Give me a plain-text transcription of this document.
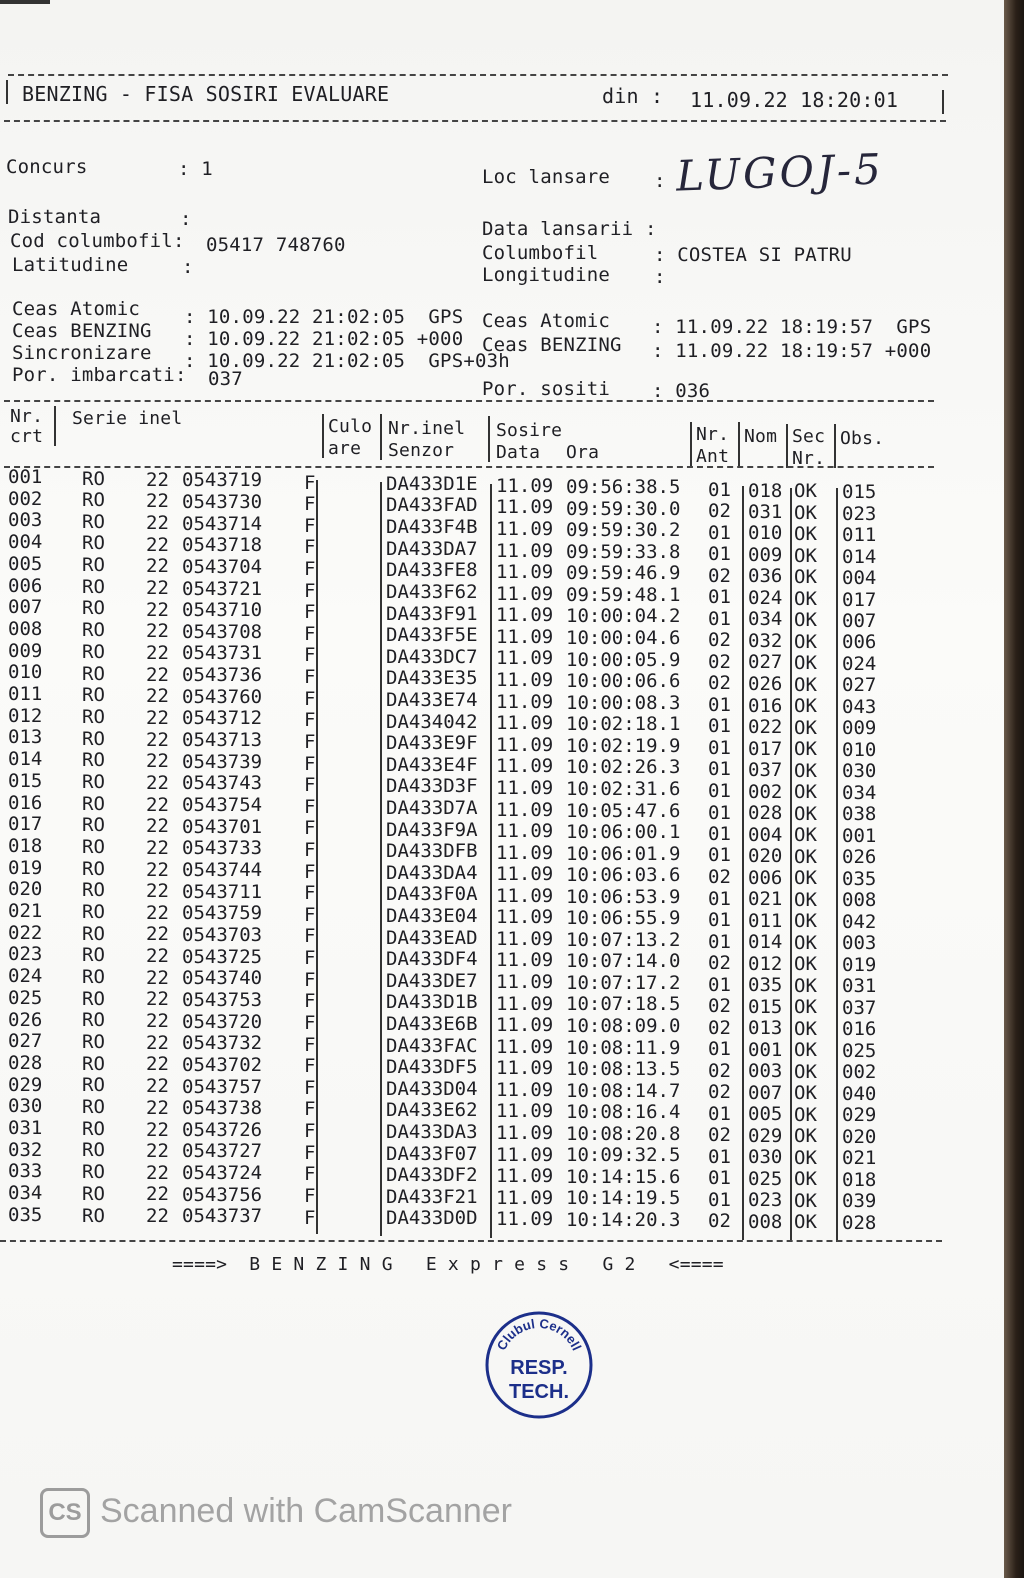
BENZING - FISA SOSIRI EVALUARE	din : 11.09.22 18:20:01
Concurs	: 1
Distanta	:
Cod columbofil: 05417 748760
Latitudine	:
Loc lansare : LUGOJ-5
Data lansarii :
Columbofil	: COSTEA SI PATRU
Longitudine :
Ceas Atomic : 10.09.22 21:02:05  GPS
Ceas BENZING : 10.09.22 21:02:05 +000
Sincronizare : 10.09.22 21:02:05  GPS+03h
Por. imbarcati: 037
Ceas Atomic : 11.09.22 18:19:57  GPS
Ceas BENZING : 11.09.22 18:19:57 +000
Por. sositi : 036
Nr.
crt
Serie inel	Culo
are
Nr.inel
Senzor
Sosire
Data Ora
Nr.
Ant
Nom Sec
Nr.
Obs.
001 RO 22 0543719 F	DA433D1E 11.09 09:56:38.5 01 018 OK 015
002 RO 22 0543730 F	DA433FAD 11.09 09:59:30.0 02 031 OK 023
003 RO 22 0543714 F	DA433F4B 11.09 09:59:30.2 01 010 OK 011
004 RO 22 0543718 F	DA433DA7 11.09 09:59:33.8 01 009 OK 014
005 RO 22 0543704 F	DA433FE8 11.09 09:59:46.9 02 036 OK 004
006 RO 22 0543721 F	DA433F62 11.09 09:59:48.1 01 024 OK 017
007 RO 22 0543710 F	DA433F91 11.09 10:00:04.2 01 034 OK 007
008 RO 22 0543708 F	DA433F5E 11.09 10:00:04.6 02 032 OK 006
009 RO 22 0543731 F	DA433DC7 11.09 10:00:05.9 02 027 OK 024
010 RO 22 0543736 F	DA433E35 11.09 10:00:06.6 02 026 OK 027
011 RO 22 0543760 F	DA433E74 11.09 10:00:08.3 01 016 OK 043
012 RO 22 0543712 F	DA434042 11.09 10:02:18.1 01 022 OK 009
013 RO 22 0543713 F	DA433E9F 11.09 10:02:19.9 01 017 OK 010
014 RO 22 0543739 F	DA433E4F 11.09 10:02:26.3 01 037 OK 030
015 RO 22 0543743 F	DA433D3F 11.09 10:02:31.6 01 002 OK 034
016 RO 22 0543754 F	DA433D7A 11.09 10:05:47.6 01 028 OK 038
017 RO 22 0543701 F	DA433F9A 11.09 10:06:00.1 01 004 OK 001
018 RO 22 0543733 F	DA433DFB 11.09 10:06:01.9 01 020 OK 026
019 RO 22 0543744 F	DA433DA4 11.09 10:06:03.6 02 006 OK 035
020 RO 22 0543711 F	DA433F0A 11.09 10:06:53.9 01 021 OK 008
021 RO 22 0543759 F	DA433E04 11.09 10:06:55.9 01 011 OK 042
022 RO 22 0543703 F	DA433EAD 11.09 10:07:13.2 01 014 OK 003
023 RO 22 0543725 F	DA433DF4 11.09 10:07:14.0 02 012 OK 019
024 RO 22 0543740 F	DA433DE7 11.09 10:07:17.2 01 035 OK 031
025 RO 22 0543753 F	DA433D1B 11.09 10:07:18.5 02 015 OK 037
026 RO 22 0543720 F	DA433E6B 11.09 10:08:09.0 02 013 OK 016
027 RO 22 0543732 F	DA433FAC 11.09 10:08:11.9 01 001 OK 025
028 RO 22 0543702 F	DA433DF5 11.09 10:08:13.5 02 003 OK 002
029 RO 22 0543757 F	DA433D04 11.09 10:08:14.7 02 007 OK 040
030 RO 22 0543738 F	DA433E62 11.09 10:08:16.4 01 005 OK 029
031 RO 22 0543726 F	DA433DA3 11.09 10:08:20.8 02 029 OK 020
032 RO 22 0543727 F	DA433F07 11.09 10:09:32.5 01 030 OK 021
033 RO 22 0543724 F	DA433DF2 11.09 10:14:15.6 01 025 OK 018
034 RO 22 0543756 F	DA433F21 11.09 10:14:19.5 01 023 OK 039
035 RO 22 0543737 F	DA433D0D 11.09 10:14:20.3 02 008 OK 028
====>  B E N Z I N G   E x p r e s s   G 2   <====
Clubul Cernell
RESP.
TECH.
CS Scanned with CamScanner
